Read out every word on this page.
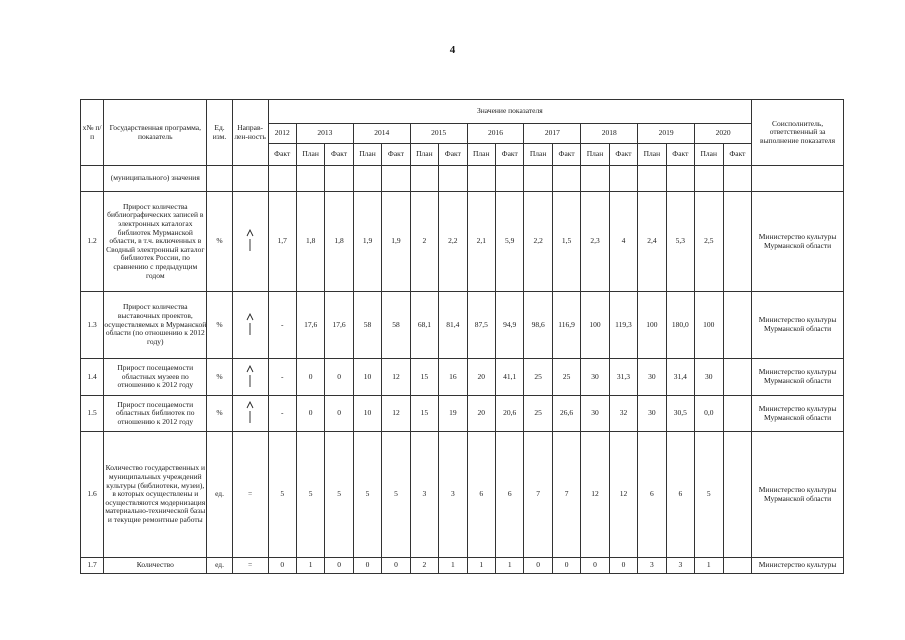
4
х№ п/п	Государственная программа, показатель	Ед. изм.	Направ-лен-ность	Значение показателя																	Соисполнитель, ответственный за выполнение показателя
				2012	2013		2014		2015		2016		2017		2018		2019		2020		
				Факт	План	Факт	План	Факт	План	Факт	План	Факт	План	Факт	План	Факт	План	Факт	План	Факт	
	(муниципального) значения																				
1.2	Прирост количества библиографических записей в электронных каталогах библиотек Мурманской области, в т.ч. включенных в Сводный электронный каталог библиотек России, по сравнению с предыдущим годом	%		1,7	1,8	1,8	1,9	1,9	2	2,2	2,1	5,9	2,2	1,5	2,3	4	2,4	5,3	2,5		Министерство культуры Мурманской области
1.3	Прирост количества выставочных проектов, осуществляемых в Мурманской области (по отношению к 2012 году)	%		-	17,6	17,6	58	58	68,1	81,4	87,5	94,9	98,6	116,9	100	119,3	100	180,0	100		Министерство культуры Мурманской области
1.4	Прирост посещаемости областных музеев по отношению к 2012 году	%		-	0	0	10	12	15	16	20	41,1	25	25	30	31,3	30	31,4	30		Министерство культуры Мурманской области
1.5	Прирост посещаемости областных библиотек по отношению к 2012 году	%		-	0	0	10	12	15	19	20	20,6	25	26,6	30	32	30	30,5	0,0		Министерство культуры Мурманской области
1.6	Количество государственных и муниципальных учреждений культуры (библиотеки, музеи), в которых осуществлены и осуществляются модернизация материально-технической базы и текущие ремонтные работы	ед.	=	5	5	5	5	5	3	3	6	6	7	7	12	12	6	6	5		Министерство культуры Мурманской области
1.7	Количество	ед.	=	0	1	0	0	0	2	1	1	1	0	0	0	0	3	3	1		Министерство культуры
